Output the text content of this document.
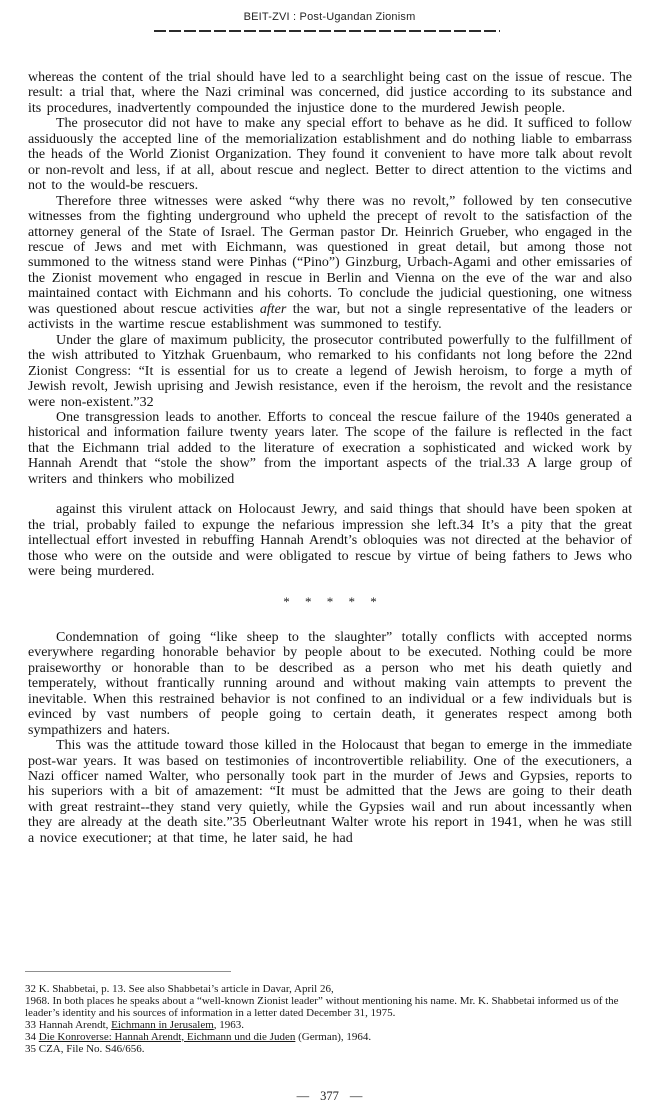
BEIT-ZVI : Post-Ugandan Zionism

whereas the content of the trial should have led to a searchlight being cast on the issue of rescue. The result: a trial that, where the Nazi criminal was concerned, did justice according to its substance and its procedures, inadvertently compounded the injustice done to the murdered Jewish people.

The prosecutor did not have to make any special effort to behave as he did. It sufficed to follow assiduously the accepted line of the memorialization establishment and do nothing liable to embarrass the heads of the World Zionist Organization. They found it convenient to have more talk about revolt or non-revolt and less, if at all, about rescue and neglect. Better to direct attention to the victims and not to the would-be rescuers.

Therefore three witnesses were asked “why there was no revolt,” followed by ten consecutive witnesses from the fighting underground who upheld the precept of revolt to the satisfaction of the attorney general of the State of Israel. The German pastor Dr. Heinrich Grueber, who engaged in the rescue of Jews and met with Eichmann, was questioned in great detail, but among those not summoned to the witness stand were Pinhas (“Pino”) Ginzburg, Urbach-Agami and other emissaries of the Zionist movement who engaged in rescue in Berlin and Vienna on the eve of the war and also maintained contact with Eichmann and his cohorts. To conclude the judicial questioning, one witness was questioned about rescue activities after the war, but not a single representative of the leaders or activists in the wartime rescue establishment was summoned to testify.

Under the glare of maximum publicity, the prosecutor contributed powerfully to the fulfillment of the wish attributed to Yitzhak Gruenbaum, who remarked to his confidants not long before the 22nd Zionist Congress: “It is essential for us to create a legend of Jewish heroism, to forge a myth of Jewish revolt, Jewish uprising and Jewish resistance, even if the heroism, the revolt and the resistance were non-existent.”32

One transgression leads to another. Efforts to conceal the rescue failure of the 1940s generated a historical and information failure twenty years later. The scope of the failure is reflected in the fact that the Eichmann trial added to the literature of execration a sophisticated and wicked work by Hannah Arendt that “stole the show” from the important aspects of the trial.33 A large group of writers and thinkers who mobilized

against this virulent attack on Holocaust Jewry, and said things that should have been spoken at the trial, probably failed to expunge the nefarious impression she left.34 It’s a pity that the great intellectual effort invested in rebuffing Hannah Arendt’s obloquies was not directed at the behavior of those who were on the outside and were obligated to rescue by virtue of being fathers to Jews who were being murdered.

* * * * *

Condemnation of going “like sheep to the slaughter” totally conflicts with accepted norms everywhere regarding honorable behavior by people about to be executed. Nothing could be more praiseworthy or honorable than to be described as a person who met his death quietly and temperately, without frantically running around and without making vain attempts to prevent the inevitable. When this restrained behavior is not confined to an individual or a few individuals but is evinced by vast numbers of people going to certain death, it generates respect among both sympathizers and haters.

This was the attitude toward those killed in the Holocaust that began to emerge in the immediate post-war years. It was based on testimonies of incontrovertible reliability. One of the executioners, a Nazi officer named Walter, who personally took part in the murder of Jews and Gypsies, reports to his superiors with a bit of amazement: “It must be admitted that the Jews are going to their death with great restraint--they stand very quietly, while the Gypsies wail and run about incessantly when they are already at the death site.”35 Oberleutnant Walter wrote his report in 1941, when he was still a novice executioner; at that time, he later said, he had

32 K. Shabbetai, p. 13. See also Shabbetai’s article in Davar, April 26,
1968. In both places he speaks about a “well-known Zionist leader” without mentioning his name. Mr. K. Shabbetai informed us of the leader’s identity and his sources of information in a letter dated December 31, 1975.

33 Hannah Arendt, Eichmann in Jerusalem, 1963.

34 Die Konroverse: Hannah Arendt, Eichmann und die Juden (German), 1964.

35 CZA, File No. S46/656.

— 377 —
